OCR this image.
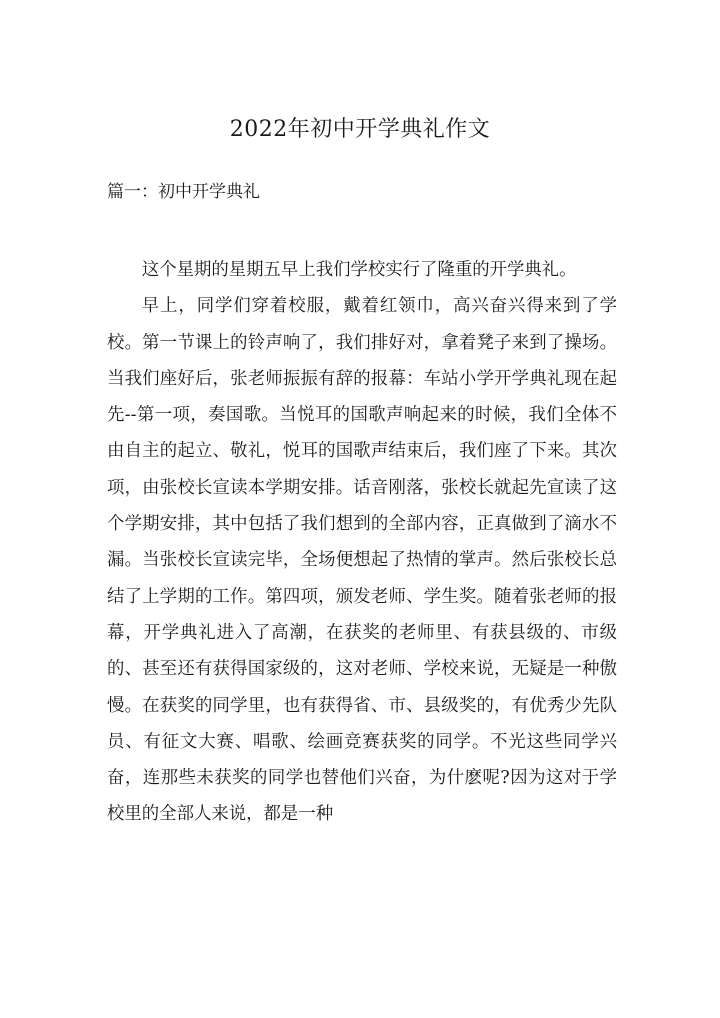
2022年初中开学典礼作文
篇一：初中开学典礼

这个星期的星期五早上我们学校实行了隆重的开学典礼。

早上，同学们穿着校服，戴着红领巾，高兴奋兴得来到了学校。第一节课上的铃声响了，我们排好对，拿着凳子来到了操场。当我们座好后，张老师振振有辞的报幕：车站小学开学典礼现在起先--第一项，奏国歌。当悦耳的国歌声响起来的时候，我们全体不由自主的起立、敬礼，悦耳的国歌声结束后，我们座了下来。其次项，由张校长宣读本学期安排。话音刚落，张校长就起先宣读了这个学期安排，其中包括了我们想到的全部内容，正真做到了滴水不漏。当张校长宣读完毕，全场便想起了热情的掌声。然后张校长总结了上学期的工作。第四项，颁发老师、学生奖。随着张老师的报幕，开学典礼进入了高潮，在获奖的老师里、有获县级的、市级的、甚至还有获得国家级的，这对老师、学校来说，无疑是一种傲慢。在获奖的同学里，也有获得省、市、县级奖的，有优秀少先队员、有征文大赛、唱歌、绘画竞赛获奖的同学。不光这些同学兴奋，连那些未获奖的同学也替他们兴奋，为什麽呢?因为这对于学校里的全部人来说，都是一种
